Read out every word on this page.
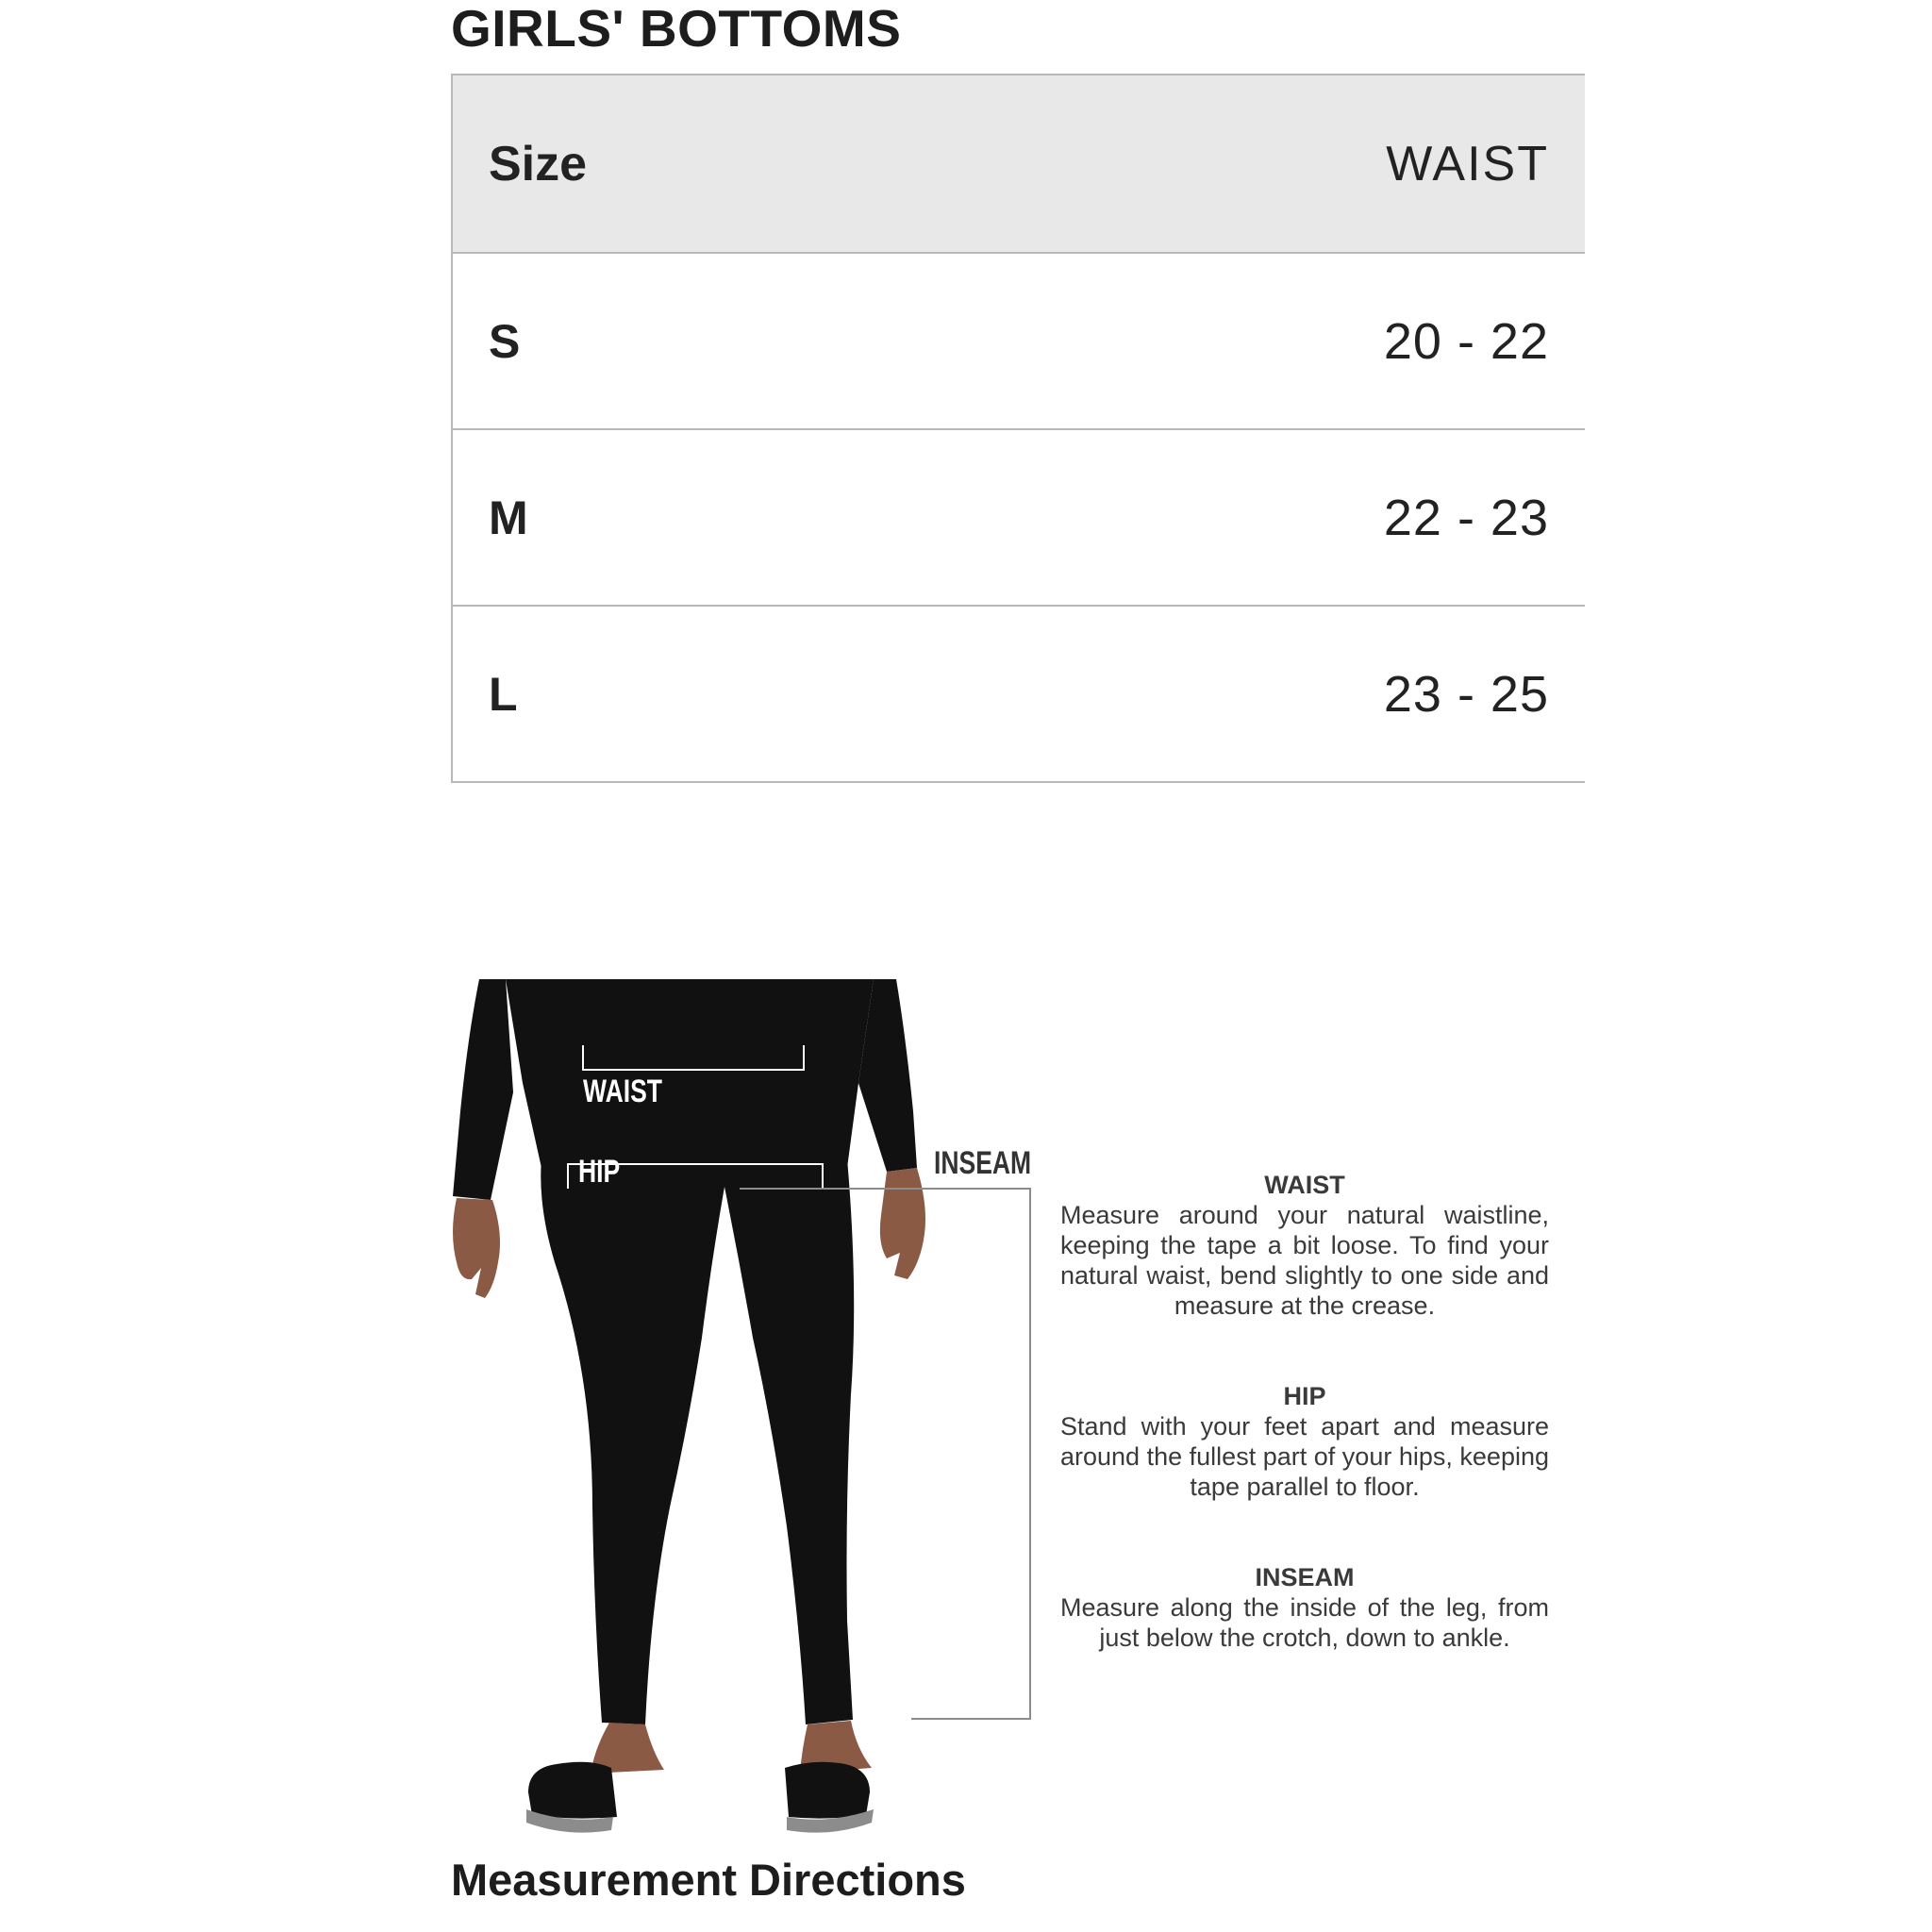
GIRLS' BOTTOMS
Size	WAIST
S	20 - 22
M	22 - 23
L	23 - 25
WAIST
HIP	INSEAM
WAIST
Measure around your natural waistline, keeping the tape a bit loose. To find your natural waist, bend slightly to one side and measure at the crease.
HIP
Stand with your feet apart and measure around the fullest part of your hips, keeping tape parallel to floor.
INSEAM
Measure along the inside of the leg, from just below the crotch, down to ankle.
Measurement Directions
